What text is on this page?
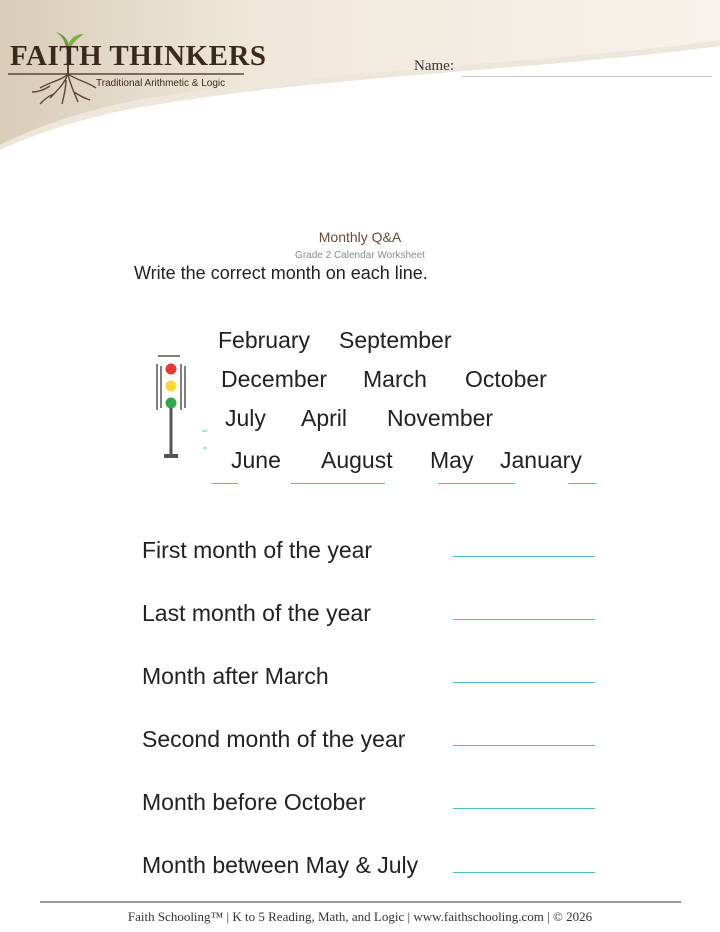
FAITH THINKERS
Traditional Arithmetic & Logic
Name:
Monthly Q&A
Grade 2 Calendar Worksheet
Write the correct month on each line.
February September
December March October
July April November
June August May January
First month of the year
Last month of the year
Month after March
Second month of the year
Month before October
Month between May & July
Faith Schooling™ | K to 5 Reading, Math, and Logic | www.faithschooling.com | © 2026
